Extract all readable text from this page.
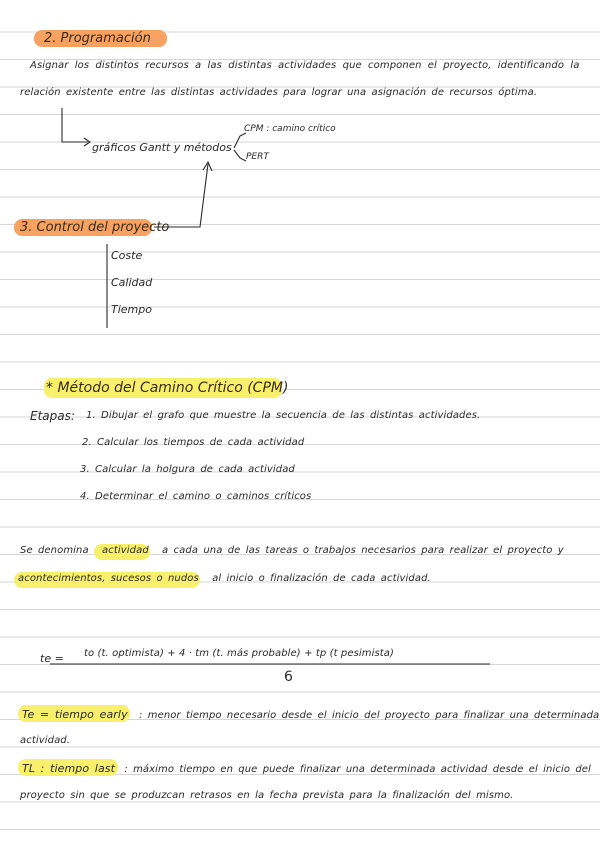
2. Programación
Asignar los distintos recursos a las distintas actividades que componen el proyecto, identificando la
relación existente entre las distintas actividades para lograr una asignación de recursos óptima.
gráficos Gantt y métodos
CPM : camino crítico
PERT
3. Control del proyecto
Coste
Calidad
Tiempo
* Método del Camino Crítico (CPM)
Etapas: 1. Dibujar el grafo que muestre la secuencia de las distintas actividades.
2. Calcular los tiempos de cada actividad
3. Calcular la holgura de cada actividad
4. Determinar el camino o caminos críticos
Se denomina actividad a cada una de las tareas o trabajos necesarios para realizar el proyecto y
acontecimientos, sucesos o nudos al inicio o finalización de cada actividad.
te = to (t. optimista) + 4 · tm (t. más probable) + tp (t pesimista)
6
Te = tiempo early : menor tiempo necesario desde el inicio del proyecto para finalizar una determinada
actividad.
TL : tiempo last : máximo tiempo en que puede finalizar una determinada actividad desde el inicio del
proyecto sin que se produzcan retrasos en la fecha prevista para la finalización del mismo.
